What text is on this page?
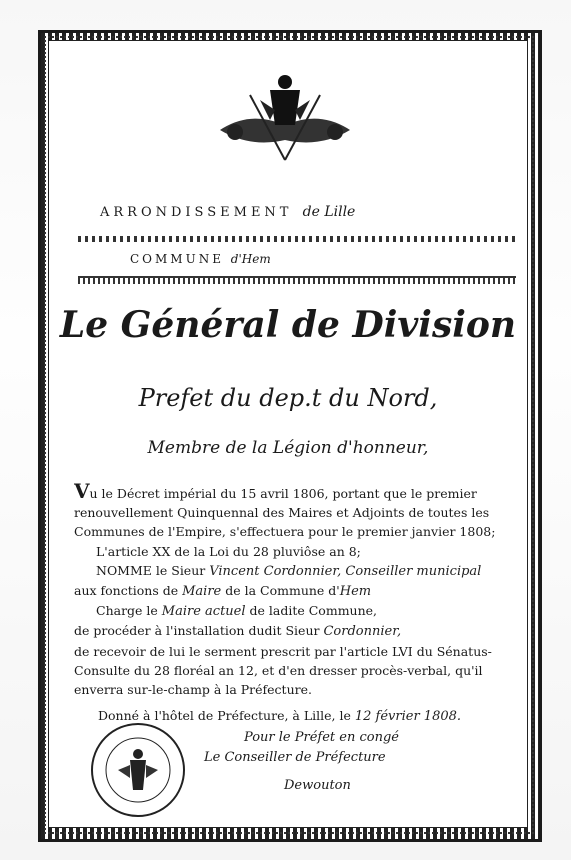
ARRONDISSEMENT de Lille
COMMUNE d'Hem
Le Général de Division
Prefet du dep.t du Nord,
Membre de la Légion d'honneur,

Vu le Décret impérial du 15 avril 1806, portant que le premier

renouvellement Quinquennal des Maires et Adjoints de toutes les

Communes de l'Empire, s'effectuera pour le premier janvier 1808;

L'article XX de la Loi du 28 pluviôse an 8;

NOMME le Sieur Vincent Cordonnier, Conseiller municipal

aux fonctions de Maire de la Commune d'Hem

Charge le Maire actuel de ladite Commune,

de procéder à l'installation dudit Sieur Cordonnier,

de recevoir de lui le serment prescrit par l'article LVI du Sénatus-

Consulte du 28 floréal an 12, et d'en dresser procès-verbal, qu'il

enverra sur-le-champ à la Préfecture.

Donné à l'hôtel de Préfecture, à Lille, le 12 février 1808.
Pour le Préfet en congé
Le Conseiller de Préfecture
Dewouton
